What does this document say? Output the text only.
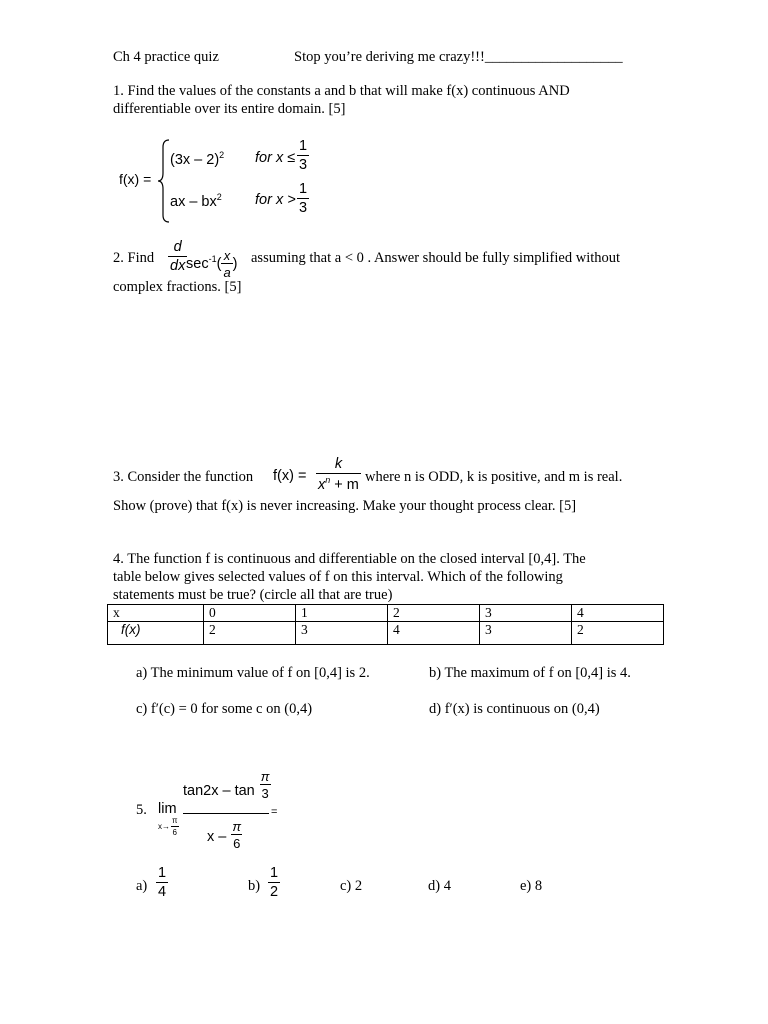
Ch 4 practice quiz	Stop you’re deriving me crazy!!!___________________
1. Find the values of the constants a and b that will make f(x) continuous AND
differentiable over its entire domain. [5]
f(x) =
(3x – 2)$^2$ for $x \le \frac{1}{3}$
ax – $bx^2$ for $x > \frac{1}{3}$
2. Find $\frac{d}{dx}$
$\sec^{-1}( \frac{x}{a}$ ) assuming that a < 0 . Answer should be fully simplified without
complex fractions. [5]
3. Consider the function $f(x) = \frac{k}{x^n + m}$ where n is ODD, k is positive, and m is real.
Show (prove) that f(x) is never increasing. Make your thought process clear. [5]
4. The function f is continuous and differentiable on the closed interval [0,4]. The
table below gives selected values of f on this interval. Which of the following
statements must be true? (circle all that are true)
x	0	1	2	3	4
f(x)	2	3	4	3	2
a) The minimum value of f on [0,4] is 2.	b) The maximum of f on [0,4] is 4.
c) f′(c) = 0 for some c on (0,4)	d) f′(x) is continuous on (0,4)
5. lim
$x\to \frac{\pi}{6}$
$\tan 2x - \tan \frac{\pi}{3}$
x – $\frac{\pi}{6}$
=
$a) \frac{1}{4}$	$b) \frac{1}{2}$	c) 2	d) 4	e) 8
